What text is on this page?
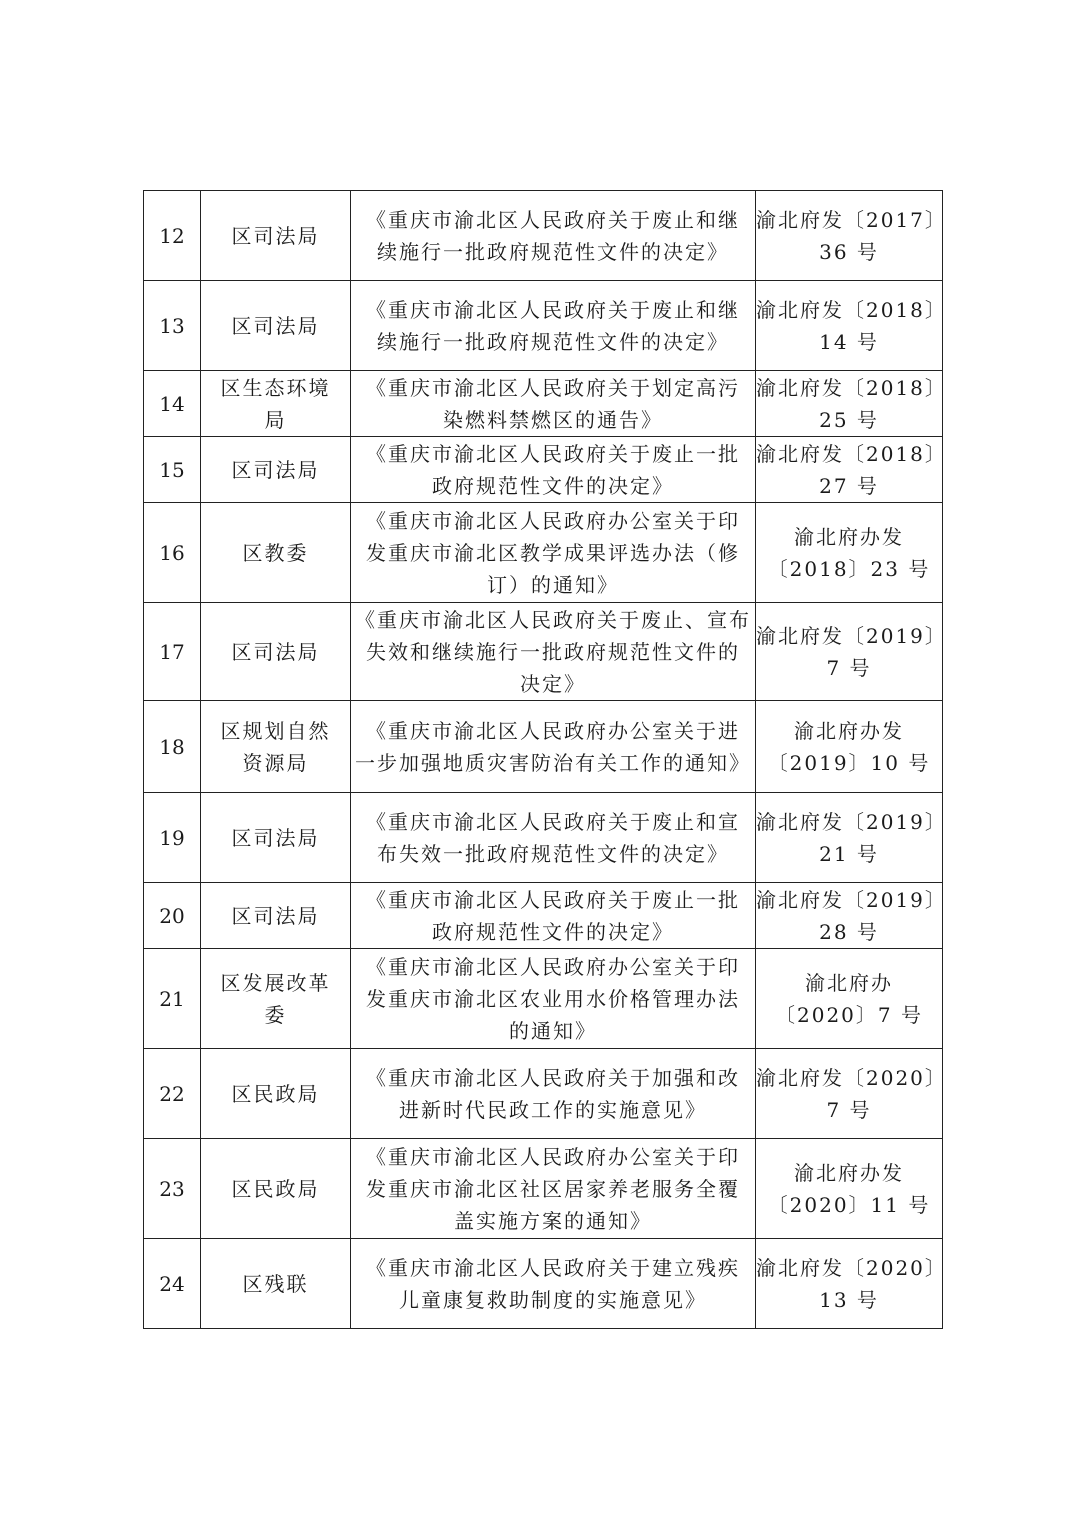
12	区司法局	《重庆市渝北区人民政府关于废止和继
续施行一批政府规范性文件的决定》	渝北府发〔2017〕
36 号

13	区司法局	《重庆市渝北区人民政府关于废止和继
续施行一批政府规范性文件的决定》	渝北府发〔2018〕
14 号

14	区生态环境
局	《重庆市渝北区人民政府关于划定高污
染燃料禁燃区的通告》	渝北府发〔2018〕
25 号

15	区司法局	《重庆市渝北区人民政府关于废止一批
政府规范性文件的决定》	渝北府发〔2018〕
27 号

16	区教委	《重庆市渝北区人民政府办公室关于印
发重庆市渝北区教学成果评选办法（修
订）的通知》	渝北府办发
〔2018〕23 号

17	区司法局	《重庆市渝北区人民政府关于废止、宣布
失效和继续施行一批政府规范性文件的
决定》	渝北府发〔2019〕
7 号

18	区规划自然
资源局	《重庆市渝北区人民政府办公室关于进
一步加强地质灾害防治有关工作的通知》	渝北府办发
〔2019〕10 号

19	区司法局	《重庆市渝北区人民政府关于废止和宣
布失效一批政府规范性文件的决定》	渝北府发〔2019〕
21 号

20	区司法局	《重庆市渝北区人民政府关于废止一批
政府规范性文件的决定》	渝北府发〔2019〕
28 号

21	区发展改革
委	《重庆市渝北区人民政府办公室关于印
发重庆市渝北区农业用水价格管理办法
的通知》	渝北府办
〔2020〕7 号

22	区民政局	《重庆市渝北区人民政府关于加强和改
进新时代民政工作的实施意见》	渝北府发〔2020〕
7 号

23	区民政局	《重庆市渝北区人民政府办公室关于印
发重庆市渝北区社区居家养老服务全覆
盖实施方案的通知》	渝北府办发
〔2020〕11 号

24	区残联	《重庆市渝北区人民政府关于建立残疾
儿童康复救助制度的实施意见》	渝北府发〔2020〕
13 号
